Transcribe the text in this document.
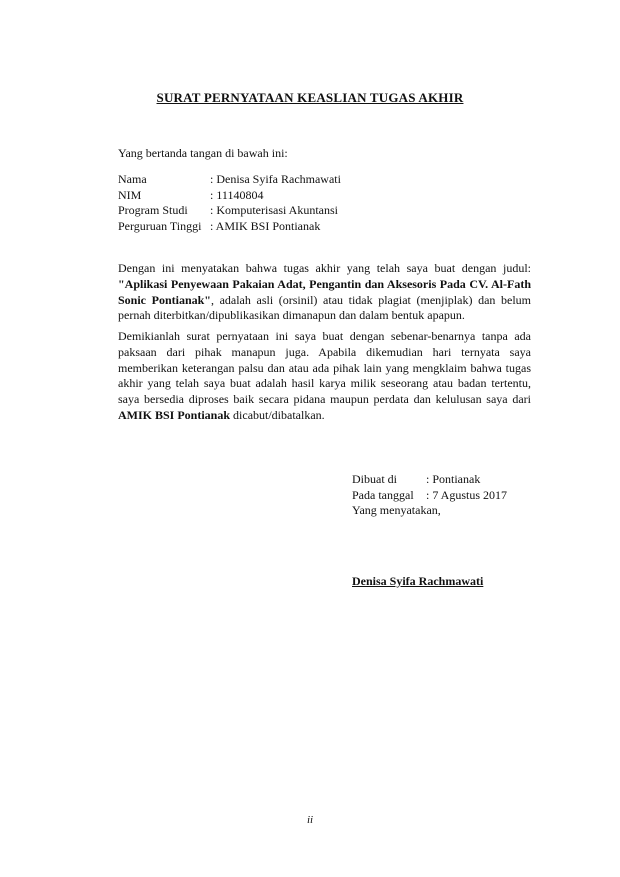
SURAT PERNYATAAN KEASLIAN TUGAS AKHIR
Yang bertanda tangan di bawah ini:
Nama	: Denisa Syifa Rachmawati
NIM	: 11140804
Program Studi	: Komputerisasi Akuntansi
Perguruan Tinggi : AMIK BSI Pontianak

Dengan ini menyatakan bahwa tugas akhir yang telah saya buat dengan judul: "Aplikasi Penyewaan Pakaian Adat, Pengantin dan Aksesoris Pada CV. Al-Fath Sonic Pontianak", adalah asli (orsinil) atau tidak plagiat (menjiplak) dan belum pernah diterbitkan/dipublikasikan dimanapun dan dalam bentuk apapun.

Demikianlah surat pernyataan ini saya buat dengan sebenar-benarnya tanpa ada paksaan dari pihak manapun juga. Apabila dikemudian hari ternyata saya memberikan keterangan palsu dan atau ada pihak lain yang mengklaim bahwa tugas akhir yang telah saya buat adalah hasil karya milik seseorang atau badan tertentu, saya bersedia diproses baik secara pidana maupun perdata dan kelulusan saya dari AMIK BSI Pontianak dicabut/dibatalkan.

Dibuat di	: Pontianak
Pada tanggal	: 7 Agustus 2017
Yang menyatakan,
Denisa Syifa Rachmawati
ii
